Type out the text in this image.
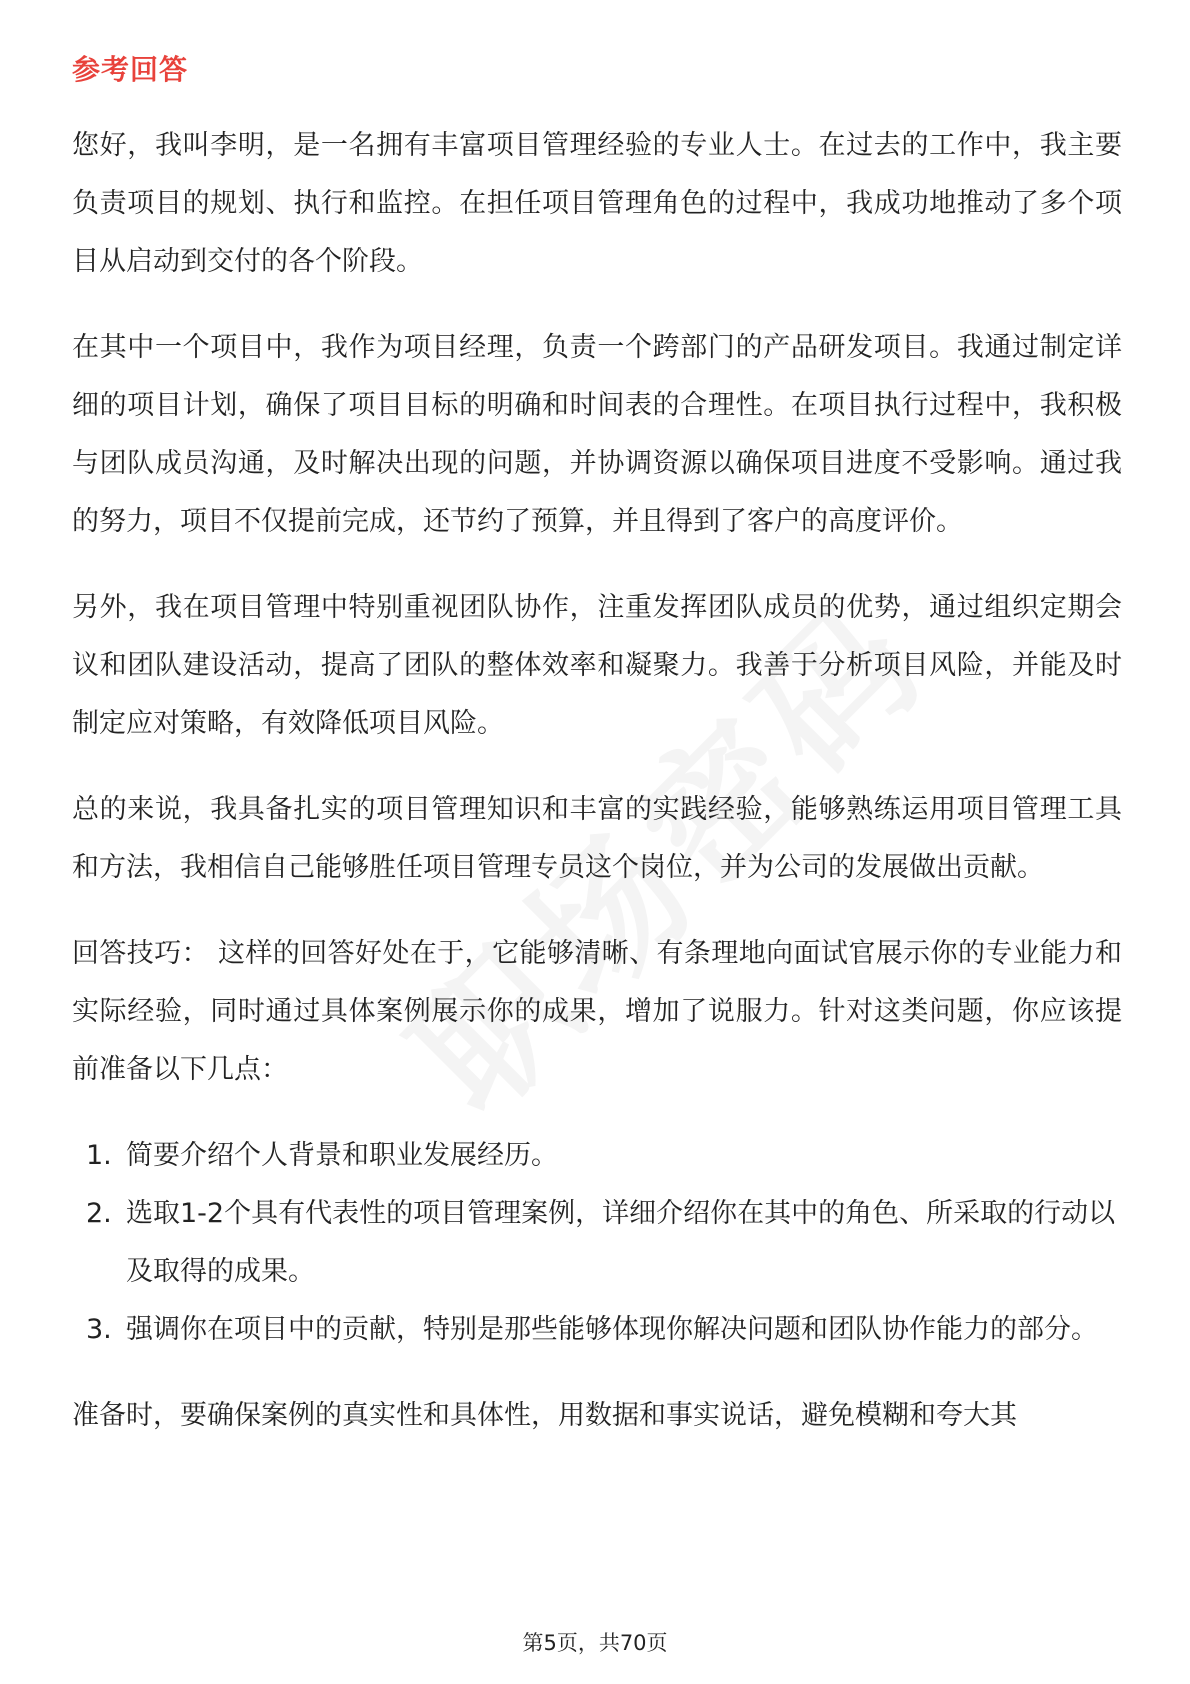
参考回答

您好，我叫李明，是一名拥有丰富项目管理经验的专业人士。在过去的工作中，我主要负责项目的规划、执行和监控。在担任项目管理角色的过程中，我成功地推动了多个项目从启动到交付的各个阶段。

在其中一个项目中，我作为项目经理，负责一个跨部门的产品研发项目。我通过制定详细的项目计划，确保了项目目标的明确和时间表的合理性。在项目执行过程中，我积极与团队成员沟通，及时解决出现的问题，并协调资源以确保项目进度不受影响。通过我的努力，项目不仅提前完成，还节约了预算，并且得到了客户的高度评价。

另外，我在项目管理中特别重视团队协作，注重发挥团队成员的优势，通过组织定期会议和团队建设活动，提高了团队的整体效率和凝聚力。我善于分析项目风险，并能及时制定应对策略，有效降低项目风险。

总的来说，我具备扎实的项目管理知识和丰富的实践经验，能够熟练运用项目管理工具和方法，我相信自己能够胜任项目管理专员这个岗位，并为公司的发展做出贡献。

回答技巧： 这样的回答好处在于，它能够清晰、有条理地向面试官展示你的专业能力和实际经验，同时通过具体案例展示你的成果，增加了说服力。针对这类问题，你应该提前准备以下几点：

1. 简要介绍个人背景和职业发展经历。
2. 选取1-2个具有代表性的项目管理案例，详细介绍你在其中的角色、所采取的行动以及取得的成果。
3. 强调你在项目中的贡献，特别是那些能够体现你解决问题和团队协作能力的部分。

准备时，要确保案例的真实性和具体性，用数据和事实说话，避免模糊和夸大其

第5页，共70页
